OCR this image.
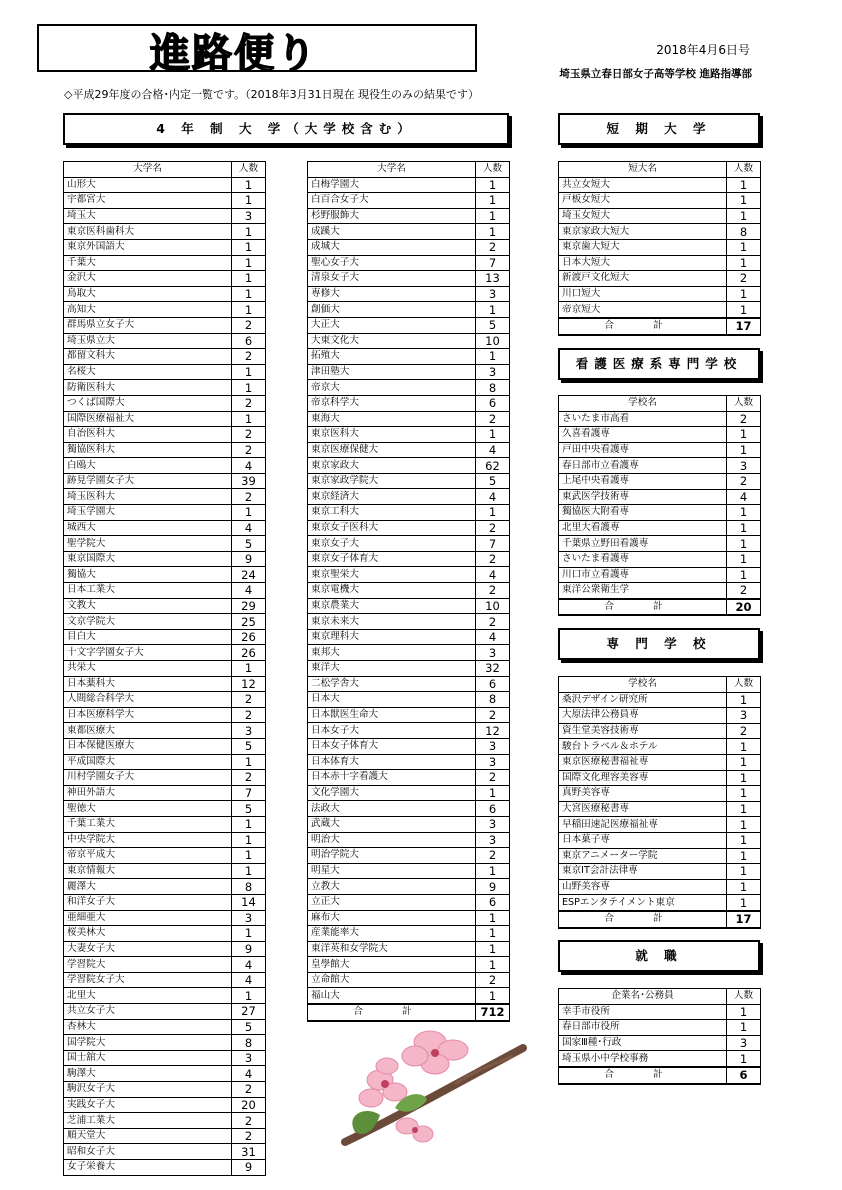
進路便り	2018年4月6日号
埼玉県立春日部女子高等学校 進路指導部
◇平成29年度の合格･内定一覧です。（2018年3月31日現在 現役生のみの結果です）
4 年 制 大 学（大学校含む）	短 期 大 学
看護医療系専門学校
専 門 学 校
就 職
大学名	人数
山形大	1
宇都宮大	1
埼玉大	3
東京医科歯科大	1
東京外国語大	1
千葉大	1
金沢大	1
鳥取大	1
高知大	1
群馬県立女子大	2
埼玉県立大	6
都留文科大	2
名桜大	1
防衛医科大	1
つくば国際大	2
国際医療福祉大	1
自治医科大	2
獨協医科大	2
白鴎大	4
跡見学園女子大	39
埼玉医科大	2
埼玉学園大	1
城西大	4
聖学院大	5
東京国際大	9
獨協大	24
日本工業大	4
文教大	29
文京学院大	25
目白大	26
十文字学園女子大	26
共栄大	1
日本薬科大	12
人間総合科学大	2
日本医療科学大	2
東都医療大	3
日本保健医療大	5
平成国際大	1
川村学園女子大	2
神田外語大	7
聖徳大	5
千葉工業大	1
中央学院大	1
帝京平成大	1
東京情報大	1
麗澤大	8
和洋女子大	14
亜細亜大	3
桜美林大	1
大妻女子大	9
学習院大	4
学習院女子大	4
北里大	1
共立女子大	27
杏林大	5
国学院大	8
国士舘大	3
駒澤大	4
駒沢女子大	2
実践女子大	20
芝浦工業大	2
順天堂大	2
昭和女子大	31
女子栄養大	9
大学名	人数
白梅学園大	1
白百合女子大	1
杉野服飾大	1
成蹊大	1
成城大	2
聖心女子大	7
清泉女子大	13
専修大	3
創価大	1
大正大	5
大東文化大	10
拓殖大	1
津田塾大	3
帝京大	8
帝京科学大	6
東海大	2
東京医科大	1
東京医療保健大	4
東京家政大	62
東京家政学院大	5
東京経済大	4
東京工科大	1
東京女子医科大	2
東京女子大	7
東京女子体育大	2
東京聖栄大	4
東京電機大	2
東京農業大	10
東京未来大	2
東京理科大	4
東邦大	3
東洋大	32
二松学舎大	6
日本大	8
日本獣医生命大	2
日本女子大	12
日本女子体育大	3
日本体育大	3
日本赤十字看護大	2
文化学園大	1
法政大	6
武蔵大	3
明治大	3
明治学院大	2
明星大	1
立教大	9
立正大	6
麻布大	1
産業能率大	1
東洋英和女学院大	1
皇學館大	1
立命館大	2
福山大	1
合 計	712
短大名	人数
共立女短大	1
戸板女短大	1
埼玉女短大	1
東京家政大短大	8
東京歯大短大	1
日本大短大	1
新渡戸文化短大	2
川口短大	1
帝京短大	1
合 計	17
学校名	人数
さいたま市高看	2
久喜看護専	1
戸田中央看護専	1
春日部市立看護専	3
上尾中央看護専	2
東武医学技術専	4
獨協医大附看専	1
北里大看護専	1
千葉県立野田看護専	1
さいたま看護専	1
川口市立看護専	1
東洋公衆衛生学	2
合 計	20
学校名	人数
桑沢デザイン研究所	1
大原法律公務員専	3
資生堂美容技術専	2
駿台トラベル＆ホテル	1
東京医療秘書福祉専	1
国際文化理容美容専	1
真野美容専	1
大宮医療秘書専	1
早稲田速記医療福祉専	1
日本菓子専	1
東京アニメーター学院	1
東京IT会計法律専	1
山野美容専	1
ESPエンタテイメント東京	1
合 計	17
企業名･公務員	人数
幸手市役所	1
春日部市役所	1
国家Ⅲ種･行政	3
埼玉県小中学校事務	1
合 計	6
